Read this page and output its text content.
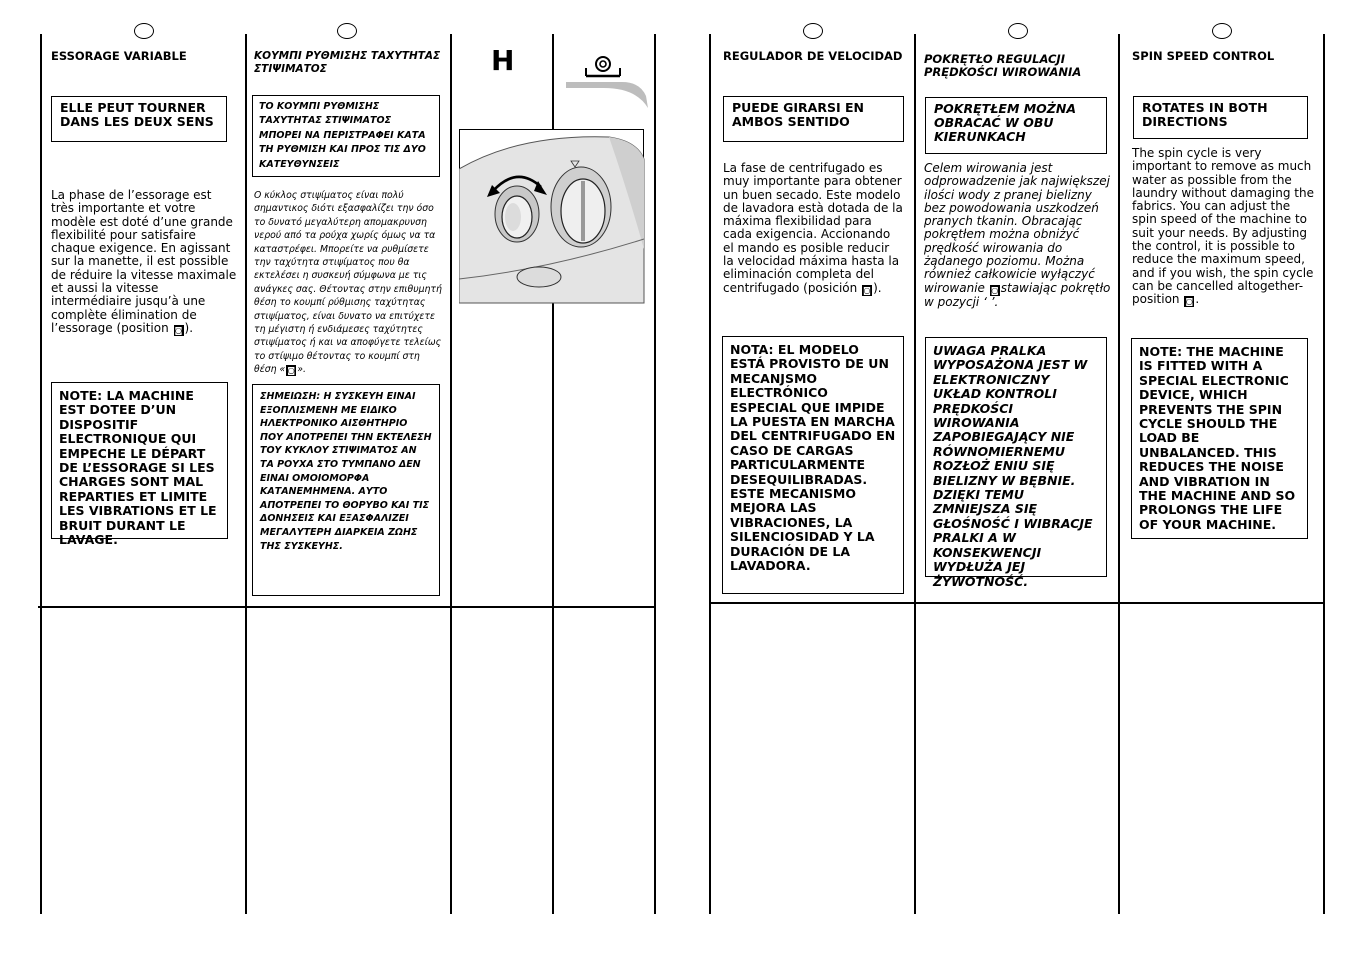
ESSORAGE VARIABLE
ELLE PEUT TOURNER DANS LES DEUX SENS
La phase de l’essorage est très importante et votre modèle est doté d’une grande flexibilité pour satisfaire chaque exigence. En agissant sur la manette, il est possible de réduire la vitesse maximale et aussi la vitesse intermédiaire jusqu’à une complète élimination de l’essorage (position ◙ ).
NOTE: LA MACHINE EST DOTEE D’UN DISPOSITIF ELECTRONIQUE QUI EMPECHE LE DÉPART DE L’ESSORAGE SI LES CHARGES SONT MAL REPARTIES ET LIMITE LES VIBRATIONS ET LE BRUIT DURANT LE LAVAGE.
ΚΟΥΜΠΙ ΡΥΘΜΙΣΗΣ ΤΑΧΥΤΗΤΑΣ ΣΤΙΨΙΜΑΤΟΣ
ΤΟ ΚΟΥΜΠΙ ΡΥΘΜΙΣΗΣ ΤΑΧΥΤΗΤΑΣ ΣΤΙΨΙΜΑΤΟΣ ΜΠΟΡΕΙ ΝΑ ΠΕΡΙΣΤΡΑΦΕΙ ΚΑΤΑ ΤΗ ΡΥΘΜΙΣΗ ΚΑΙ ΠΡΟΣ ΤΙΣ ΔΥΟ ΚΑΤΕΥΘΥΝΣΕΙΣ
Ο κύκλος στιψίματος είναι πολύ σημαντικος διότι εξασφαλίζει την όσο το δυνατό μεγαλύτερη απομακρυνση νερού από τα ρούχα χωρίς όμως να τα καταστρέφει. Μπορείτε να ρυθμίσετε την ταχύτητα στιψίματος που θα εκτελέσει η συσκευή σύμφωνα με τις ανάγκες σας. Θέτοντας στην επιθυμητή θέση το κουμπί ρύθμισης ταχύτητας στιψίματος, είναι δυνατο να επιτύχετε τη μέγιστη ή ενδιάμεσες ταχύτητες στιψίματος ή και να αποφύγετε τελείως το στίψιμο θέτοντας το κουμπί στη θέση « ◙ ».
ΣΗΜΕΙΩΣΗ: Η ΣΥΣΚΕΥΗ ΕΙΝΑΙ ΕΞΟΠΛΙΣΜΕΝΗ ΜΕ ΕΙΔΙΚΟ ΗΛΕΚΤΡΟΝΙΚΟ ΑΙΣΘΗΤΗΡΙΟ ΠΟΥ ΑΠΟΤΡΕΠΕΙ ΤΗΝ ΕΚΤΕΛΕΣΗ ΤΟΥ ΚΥΚΛΟΥ ΣΤΙΨΙΜΑΤΟΣ ΑΝ ΤΑ ΡΟΥΧΑ ΣΤΟ ΤΥΜΠΑΝΟ ΔΕΝ ΕΙΝΑΙ ΟΜΟΙΟΜΟΡΦΑ ΚΑΤΑΝΕΜΗΜΕΝΑ. ΑΥΤΟ ΑΠΟΤΡΕΠΕΙ ΤΟ ΘΟΡΥΒΟ ΚΑΙ ΤΙΣ ΔΟΝΗΣΕΙΣ ΚΑΙ ΕΞΑΣΦΑΛΙΖΕΙ ΜΕΓΑΛΥΤΕΡΗ ΔΙΑΡΚΕΙΑ ΖΩΗΣ ΤΗΣ ΣΥΣΚΕΥΗΣ.
H	REGULADOR DE VELOCIDAD
PUEDE GIRARSI EN AMBOS SENTIDO
La fase de centrifugado es muy importante para obtener un buen secado. Este modelo de lavadora està dotada de la máxima flexibilidad para cada exigencia. Accionando el mando es posible reducir la velocidad máxima hasta la eliminación completa del centrifugado (posición ◙ ).
NOTA: EL MODELO ESTÁ PROVISTO DE UN MECANJSMO ELECTRÓNICO ESPECIAL QUE IMPIDE LA PUESTA EN MARCHA DEL CENTRIFUGADO EN CASO DE CARGAS PARTICULARMENTE DESEQUILIBRADAS. ESTE MECANISMO MEJORA LAS VIBRACIONES, LA SILENCIOSIDAD Y LA DURACIÓN DE LA LAVADORA.
POKRĘTŁO REGULACJI PRĘDKOŚCI WIROWANIA
POKRĘTŁEM MOŻNA OBRACAĆ W OBU KIERUNKACH
Celem wirowania jest odprowadzenie jak największej ilości wody z pranej bielizny bez powodowania uszkodzeń pranych tkanin. Obracając pokrętłem można obniżyć prędkość wirowania do żądanego poziomu. Można również całkowicie wyłączyć wirowanie ◙ stawiając pokrętło w pozycji ‘ ’.
UWAGA PRALKA WYPOSAŻONA JEST W ELEKTRONICZNY UKŁAD KONTROLI PRĘDKOŚCI WIROWANIA ZAPOBIEGAJĄCY NIE RÓWNOMIERNEMU ROZŁOŻ ENIU SIĘ BIELIZNY W BĘBNIE. DZIĘKI TEMU ZMNIEJSZA SIĘ GŁOŚNOŚĆ I WIBRACJE PRALKI A W KONSEKWENCJI WYDŁUŻA JEJ ŻYWOTNOŚĆ.
SPIN SPEED CONTROL
ROTATES IN BOTH DIRECTIONS
The spin cycle is very important to remove as much water as possible from the laundry without damaging the fabrics. You can adjust the spin speed of the machine to suit your needs. By adjusting the control, it is possible to reduce the maximum speed, and if you wish, the spin cycle can be cancelled altogether-position ◙ .
NOTE: THE MACHINE IS FITTED WITH A SPECIAL ELECTRONIC DEVICE, WHICH PREVENTS THE SPIN CYCLE SHOULD THE LOAD BE UNBALANCED. THIS REDUCES THE NOISE AND VIBRATION IN THE MACHINE AND SO PROLONGS THE LIFE OF YOUR MACHINE.
